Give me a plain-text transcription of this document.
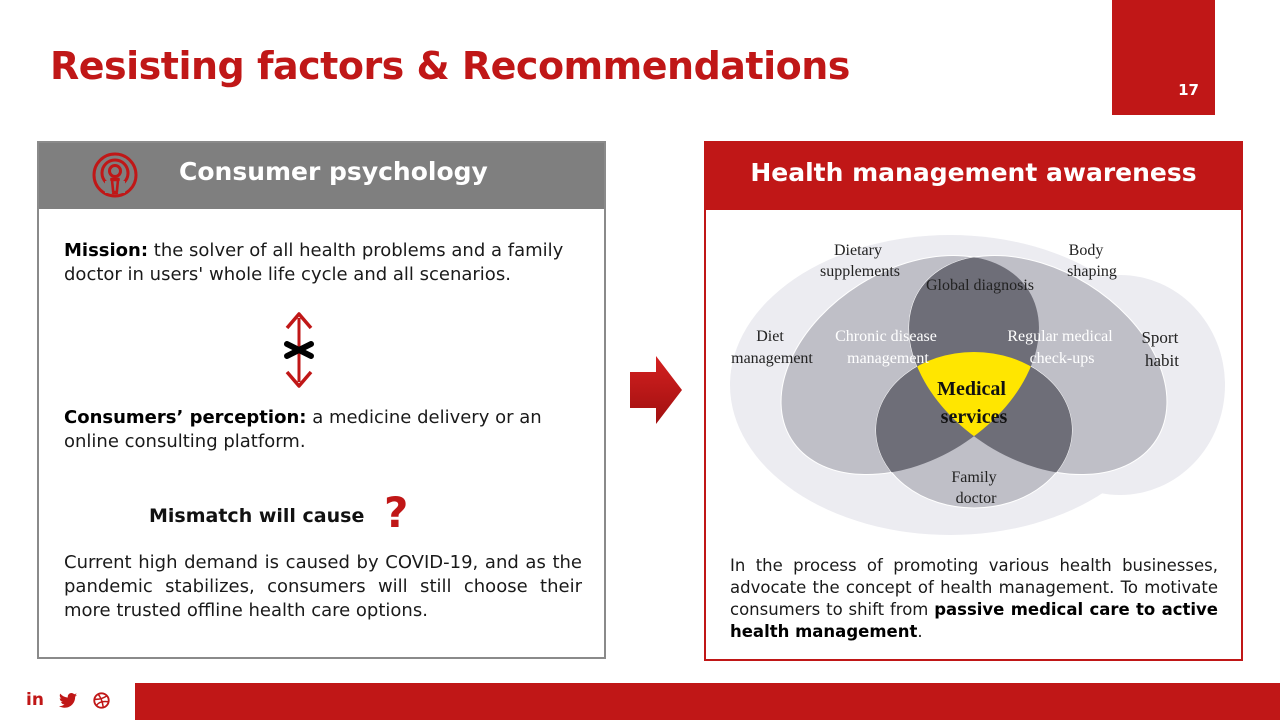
Resisting factors & Recommendations
17
Consumer psychology

Mission: the solver of all health problems and a family doctor in users' whole life cycle and all scenarios.

Consumers’ perception: a medicine delivery or an online consulting platform.

Mismatch will cause ?

Current high demand is caused by COVID-19, and as the pandemic stabilizes, consumers will still choose their more trusted offline health care options.

Health management awareness
Medical services
Dietary supplements
Body shaping
Global diagnosis
Diet management
Chronic disease management
Regular medical check-ups
Sport habit
Family doctor

In the process of promoting various health businesses, advocate the concept of health management. To motivate consumers to shift from passive medical care to active health management.

in
